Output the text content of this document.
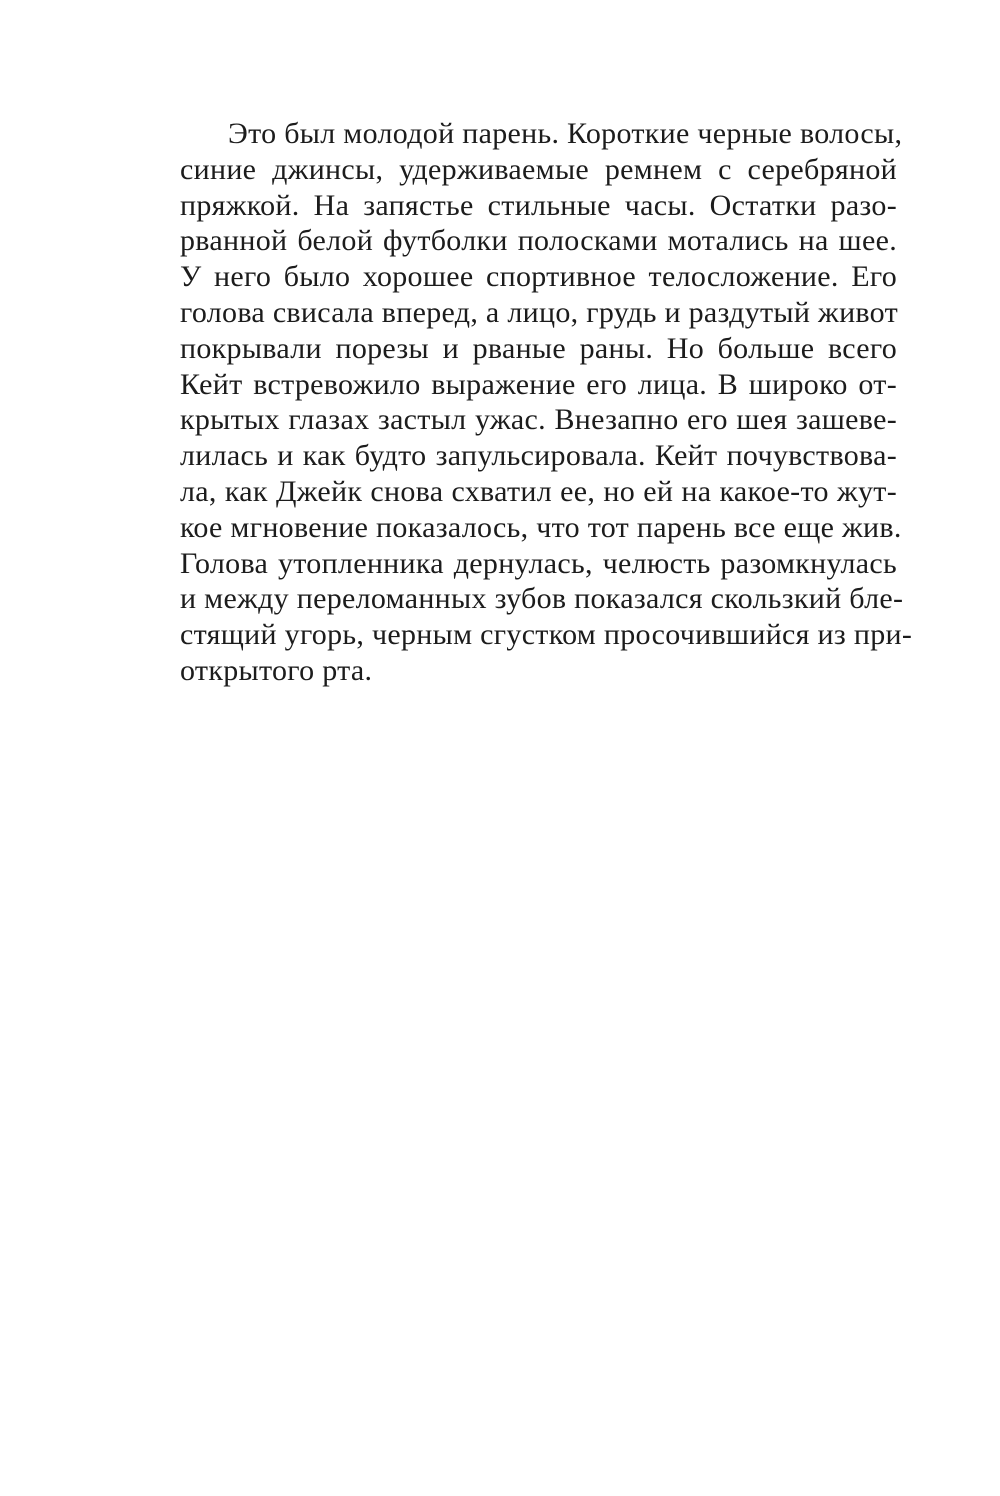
Это был молодой парень. Короткие черные волосы,
синие джинсы, удерживаемые ремнем с серебряной
пряжкой. На запястье стильные часы. Остатки разо-
рванной белой футболки полосками мотались на шее.
У него было хорошее спортивное телосложение. Его
голова свисала вперед, а лицо, грудь и раздутый живот
покрывали порезы и рваные раны. Но больше всего
Кейт встревожило выражение его лица. В широко от-
крытых глазах застыл ужас. Внезапно его шея зашеве-
лилась и как будто запульсировала. Кейт почувствова-
ла, как Джейк снова схватил ее, но ей на какое-то жут-
кое мгновение показалось, что тот парень все еще жив.
Голова утопленника дернулась, челюсть разомкнулась
и между переломанных зубов показался скользкий бле-
стящий угорь, черным сгустком просочившийся из при-
открытого рта.
